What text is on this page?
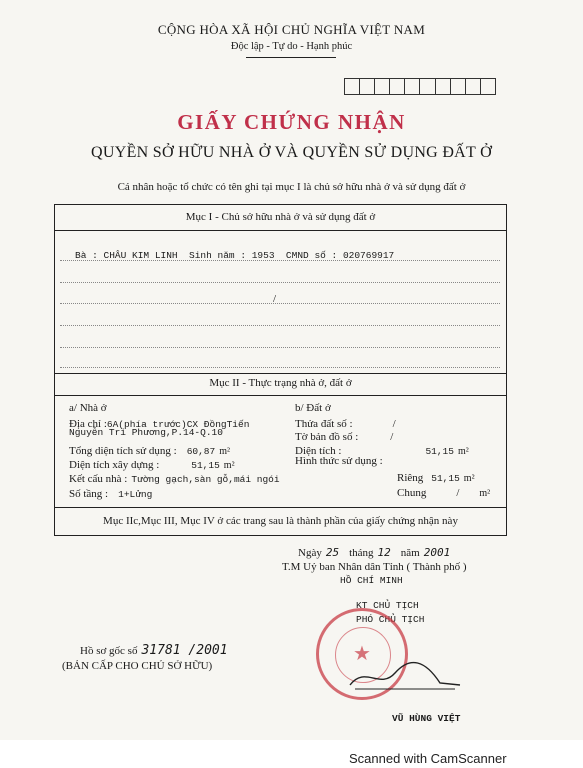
CỘNG HÒA XÃ HỘI CHỦ NGHĨA VIỆT NAM
Độc lập - Tự do - Hạnh phúc
GIẤY CHỨNG NHẬN
QUYỀN SỞ HỮU NHÀ Ở VÀ QUYỀN SỬ DỤNG ĐẤT Ở
Cá nhân hoặc tổ chức có tên ghi tại mục I là chủ sở hữu nhà ở và sử dụng đất ở
Mục I - Chủ sở hữu nhà ở và sử dụng đất ở
Bà : CHÂU KIM LINH  Sinh năm : 1953  CMND số : 020769917
/
Mục II - Thực trạng nhà ở, đất ở
a/ Nhà ở
Địa chỉ :6A(phía trước)CX ĐồngTiến
Nguyễn Tri Phương,P.14-Q.10
Tổng diện tích sử dụng : 60,87 m²
Diện tích xây dựng :	51,15 m²
Kết cấu nhà : Tường gạch,sàn gỗ,mái ngói
Số tầng : 1+Lửng
b/ Đất ở
Thửa đất số :	/
Tờ bản đồ số :	/
Diện tích :	51,15 m²
Hình thức sử dụng :
Riêng 51,15 m²
Chung	/ m²
Mục IIc,Mục III, Mục IV ở các trang sau là thành phần của giấy chứng nhận này
Ngày 25 tháng 12 năm 2001
T.M Uỷ ban Nhân dân Tỉnh ( Thành phố )
HỒ CHÍ MINH
KT CHỦ TỊCH
PHÓ CHỦ TỊCH
★
VŨ HÙNG VIỆT
Hồ sơ gốc số 31781 /2001
(BẢN CẤP CHO CHỦ SỞ HỮU)
Scanned with CamScanner
